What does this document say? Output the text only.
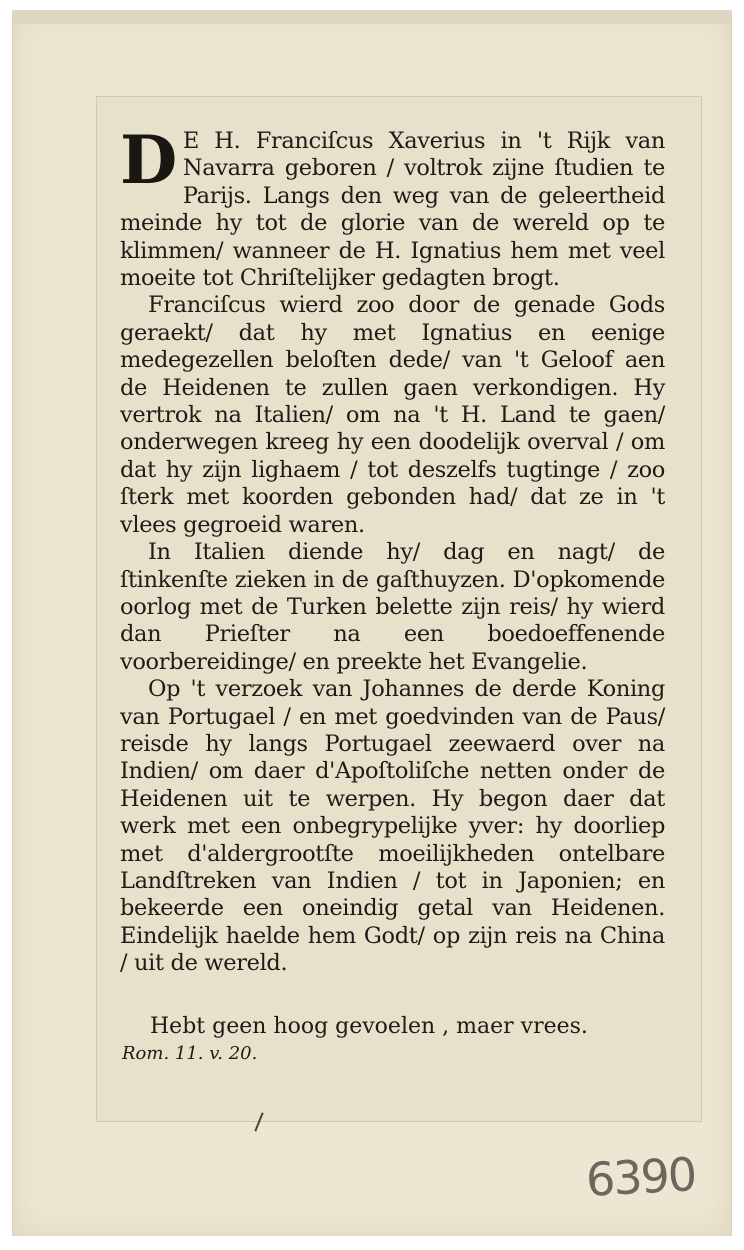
D E H. Franciſcus Xaverius in 't Rijk van Navarra geboren / voltrok zijne ſtudien te Parijs. Langs den weg van de geleertheid meinde hy tot de glorie van de wereld op te klimmen/ wanneer de H. Ignatius hem met veel moeite tot Chriſtelijker gedagten brogt.

Franciſcus wierd zoo door de genade Gods geraekt/ dat hy met Ignatius en eenige medegezellen beloſten dede/ van 't Geloof aen de Heidenen te zullen gaen verkondigen. Hy vertrok na Italien/ om na 't H. Land te gaen/ onderwegen kreeg hy een doodelijk overval / om dat hy zijn lighaem / tot deszelfs tugtinge / zoo ſterk met koorden gebonden had/ dat ze in 't vlees gegroeid waren.

In Italien diende hy/ dag en nagt/ de ſtinkenſte zieken in de gaſthuyzen. D'opkomende oorlog met de Turken belette zijn reis/ hy wierd dan Prieſter na een boedoeffenende voorbereidinge/ en preekte het Evangelie.

Op 't verzoek van Johannes de derde Koning van Portugael / en met goedvinden van de Paus/ reisde hy langs Portugael zeewaerd over na Indien/ om daer d'Apoſtoliſche netten onder de Heidenen uit te werpen. Hy begon daer dat werk met een onbegrypelijke yver: hy doorliep met d'aldergrootſte moeilijkheden ontelbare Landſtreken van Indien / tot in Japonien; en bekeerde een oneindig getal van Heidenen. Eindelijk haelde hem Godt/ op zijn reis na China / uit de wereld.

Hebt geen hoog gevoelen , maer vrees.
Rom. 11. v. 20.
6390
